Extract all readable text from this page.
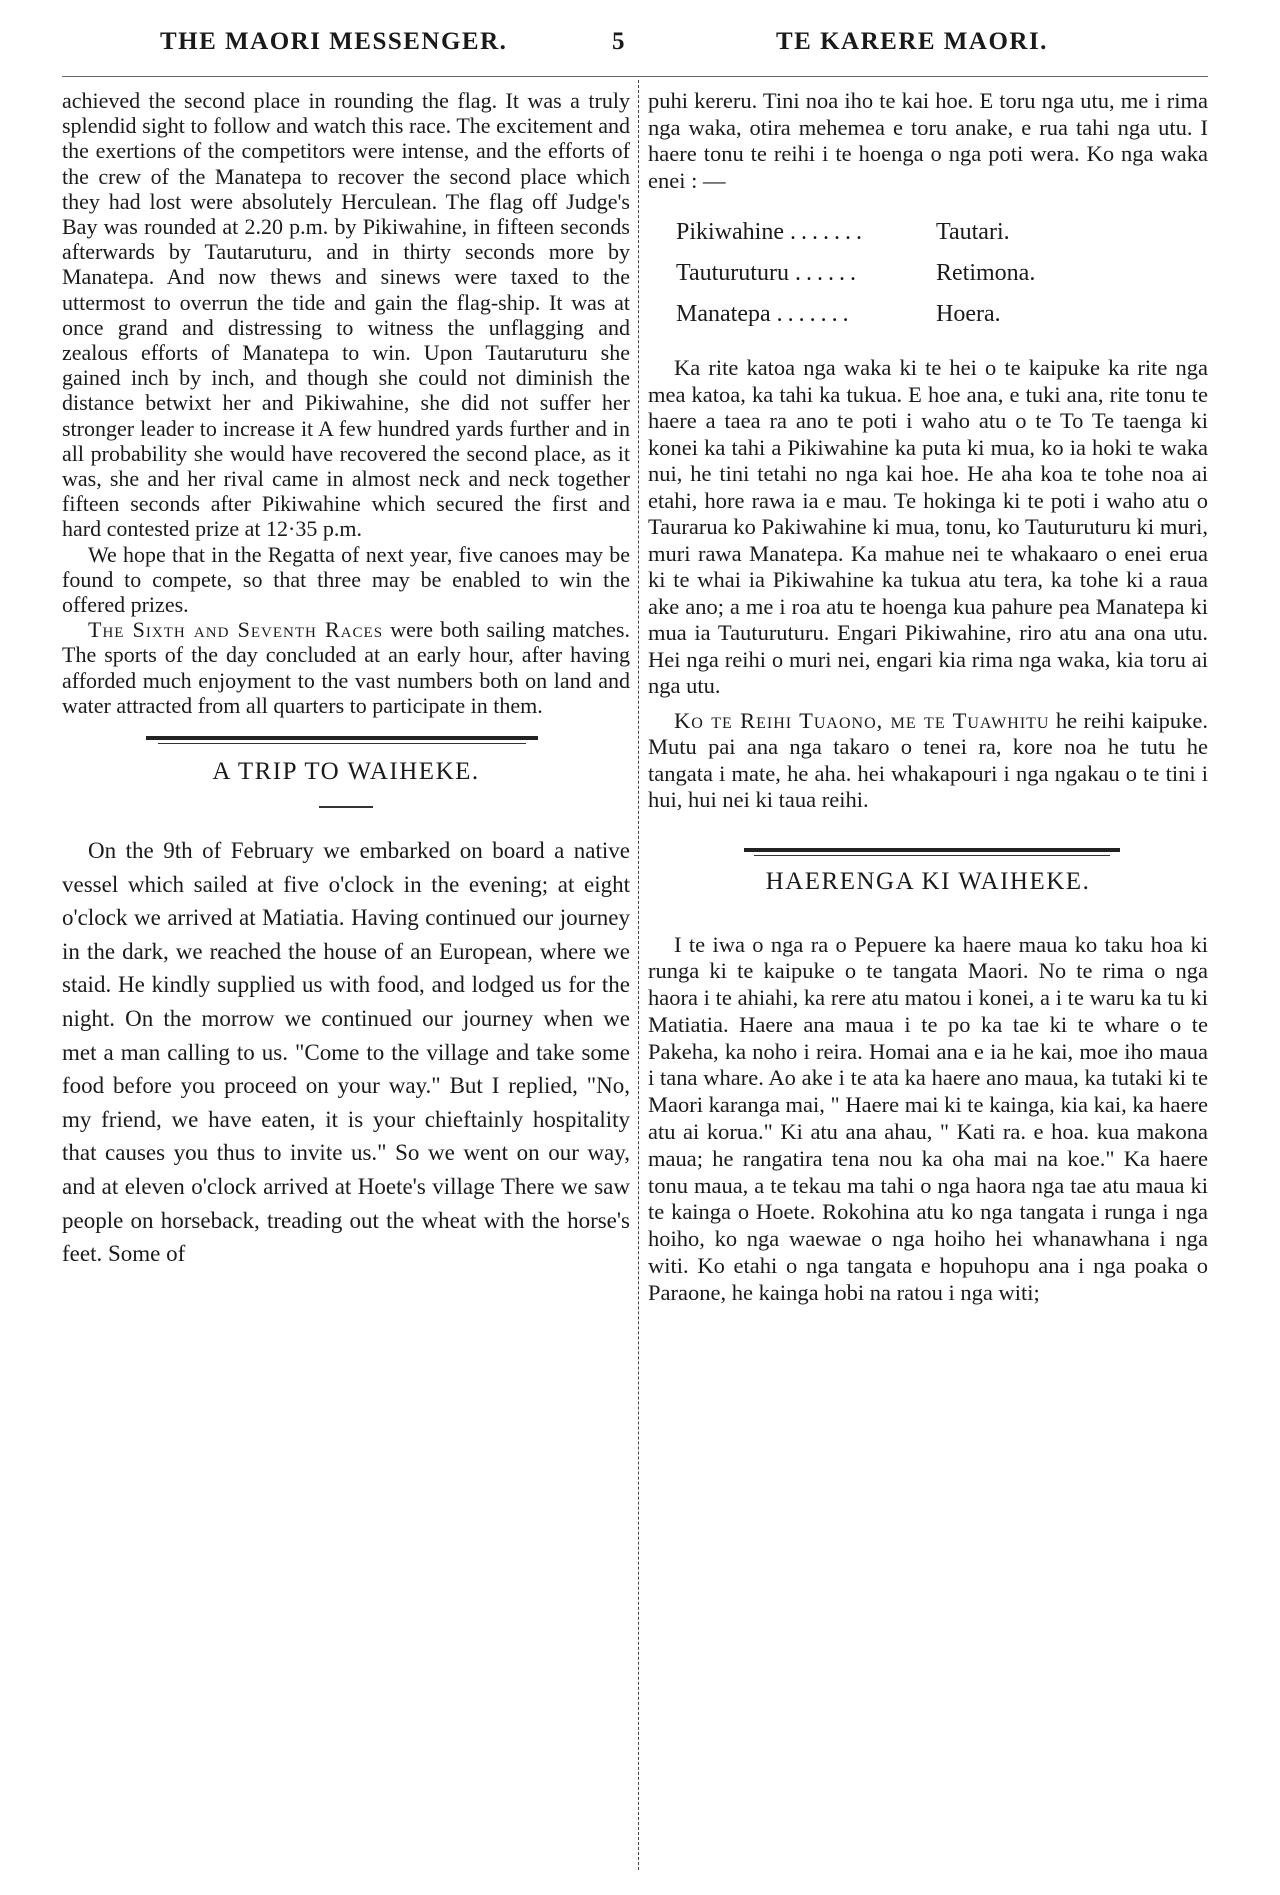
THE MAORI MESSENGER.	5	TE KARERE MAORI.

achieved the second place in rounding the flag. It was a truly splendid sight to follow and watch this race. The excitement and the exertions of the competitors were intense, and the efforts of the crew of the Manatepa to recover the second place which they had lost were absolutely Herculean. The flag off Judge's Bay was rounded at 2.20 p.m. by Pikiwahine, in fifteen seconds afterwards by Tautaruturu, and in thirty seconds more by Manatepa. And now thews and sinews were taxed to the uttermost to overrun the tide and gain the flag-ship. It was at once grand and distressing to witness the unflagging and zealous efforts of Manatepa to win. Upon Tautaruturu she gained inch by inch, and though she could not diminish the distance betwixt her and Pikiwahine, she did not suffer her stronger leader to increase it A few hundred yards further and in all probability she would have recovered the second place, as it was, she and her rival came in almost neck and neck together fifteen seconds after Pikiwahine which secured the first and hard contested prize at 12·35 p.m.

We hope that in the Regatta of next year, five canoes may be found to compete, so that three may be enabled to win the offered prizes.

The Sixth and Seventh Races were both sailing matches. The sports of the day concluded at an early hour, after having afforded much enjoyment to the vast numbers both on land and water attracted from all quarters to participate in them.

A TRIP TO WAIHEKE.

On the 9th of February we embarked on board a native vessel which sailed at five o'clock in the evening; at eight o'clock we arrived at Matiatia. Having continued our journey in the dark, we reached the house of an European, where we staid. He kindly supplied us with food, and lodged us for the night. On the morrow we continued our journey when we met a man calling to us. "Come to the village and take some food before you proceed on your way." But I replied, "No, my friend, we have eaten, it is your chieftainly hospitality that causes you thus to invite us." So we went on our way, and at eleven o'clock arrived at Hoete's village There we saw people on horseback, treading out the wheat with the horse's feet. Some of

puhi kereru. Tini noa iho te kai hoe. E toru nga utu, me i rima nga waka, otira mehemea e toru anake, e rua tahi nga utu. I haere tonu te reihi i te hoenga o nga poti wera. Ko nga waka enei : —

Pikiwahine .......	Tautari.
Tauturuturu ......	Retimona.
Manatepa .......	Hoera.

Ka rite katoa nga waka ki te hei o te kaipuke ka rite nga mea katoa, ka tahi ka tukua. E hoe ana, e tuki ana, rite tonu te haere a taea ra ano te poti i waho atu o te To Te taenga ki konei ka tahi a Pikiwahine ka puta ki mua, ko ia hoki te waka nui, he tini tetahi no nga kai hoe. He aha koa te tohe noa ai etahi, hore rawa ia e mau. Te hokinga ki te poti i waho atu o Taurarua ko Pakiwahine ki mua, tonu, ko Tauturuturu ki muri, muri rawa Manatepa. Ka mahue nei te whakaaro o enei erua ki te whai ia Pikiwahine ka tukua atu tera, ka tohe ki a raua ake ano; a me i roa atu te hoenga kua pahure pea Manatepa ki mua ia Tauturuturu. Engari Pikiwahine, riro atu ana ona utu. Hei nga reihi o muri nei, engari kia rima nga waka, kia toru ai nga utu.

Ko te Reihi Tuaono, me te Tuawhitu he reihi kaipuke. Mutu pai ana nga takaro o tenei ra, kore noa he tutu he tangata i mate, he aha. hei whakapouri i nga ngakau o te tini i hui, hui nei ki taua reihi.

HAERENGA KI WAIHEKE.

I te iwa o nga ra o Pepuere ka haere maua ko taku hoa ki runga ki te kaipuke o te tangata Maori. No te rima o nga haora i te ahiahi, ka rere atu matou i konei, a i te waru ka tu ki Matiatia. Haere ana maua i te po ka tae ki te whare o te Pakeha, ka noho i reira. Homai ana e ia he kai, moe iho maua i tana whare. Ao ake i te ata ka haere ano maua, ka tutaki ki te Maori karanga mai, " Haere mai ki te kainga, kia kai, ka haere atu ai korua." Ki atu ana ahau, " Kati ra. e hoa. kua makona maua; he rangatira tena nou ka oha mai na koe." Ka haere tonu maua, a te tekau ma tahi o nga haora nga tae atu maua ki te kainga o Hoete. Rokohina atu ko nga tangata i runga i nga hoiho, ko nga waewae o nga hoiho hei whanawhana i nga witi. Ko etahi o nga tangata e hopuhopu ana i nga poaka o Paraone, he kainga hobi na ratou i nga witi;
